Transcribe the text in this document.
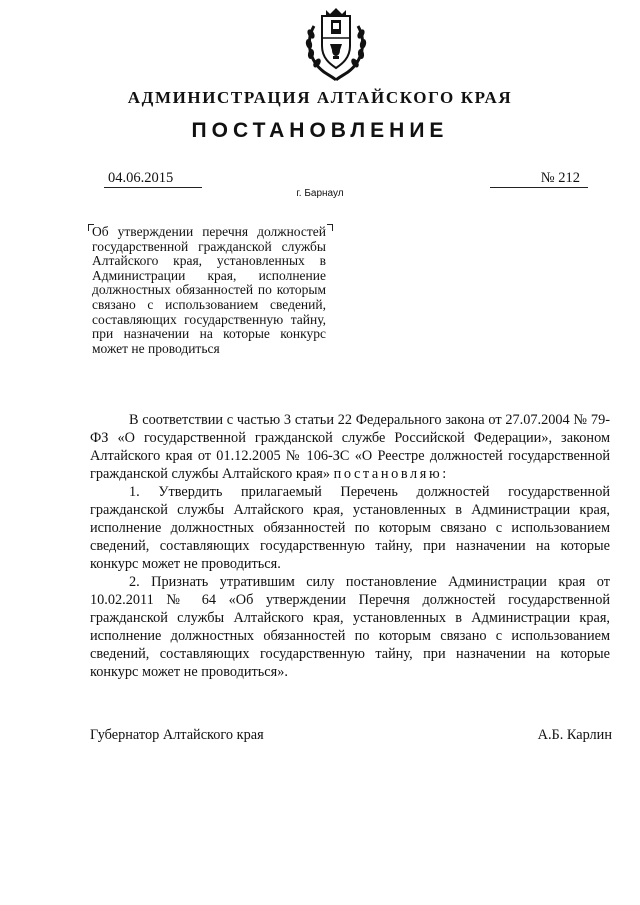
АДМИНИСТРАЦИЯ АЛТАЙСКОГО КРАЯ
ПОСТАНОВЛЕНИЕ
04.06.2015	№ 212
г. Барнаул

Об утверждении перечня должностей государственной гражданской службы Алтайского края, установленных в Администрации края, исполнение должностных обязанностей по которым связано с использованием сведений, составляющих государственную тайну, при назначении на которые конкурс может не проводиться

В соответствии с частью 3 статьи 22 Федерального закона от 27.07.2004 № 79-ФЗ «О государственной гражданской службе Российской Федерации», законом Алтайского края от 01.12.2005 № 106-ЗС «О Реестре должностей государственной гражданской службы Алтайского края» постановляю:

1. Утвердить прилагаемый Перечень должностей государственной гражданской службы Алтайского края, установленных в Администрации края, исполнение должностных обязанностей по которым связано с использованием сведений, составляющих государственную тайну, при назначении на которые конкурс может не проводиться.

2. Признать утратившим силу постановление Администрации края от 10.02.2011 № 64 «Об утверждении Перечня должностей государственной гражданской службы Алтайского края, установленных в Администрации края, исполнение должностных обязанностей по которым связано с использованием сведений, составляющих государственную тайну, при назначении на которые конкурс может не проводиться».

Губернатор Алтайского края	А.Б. Карлин
